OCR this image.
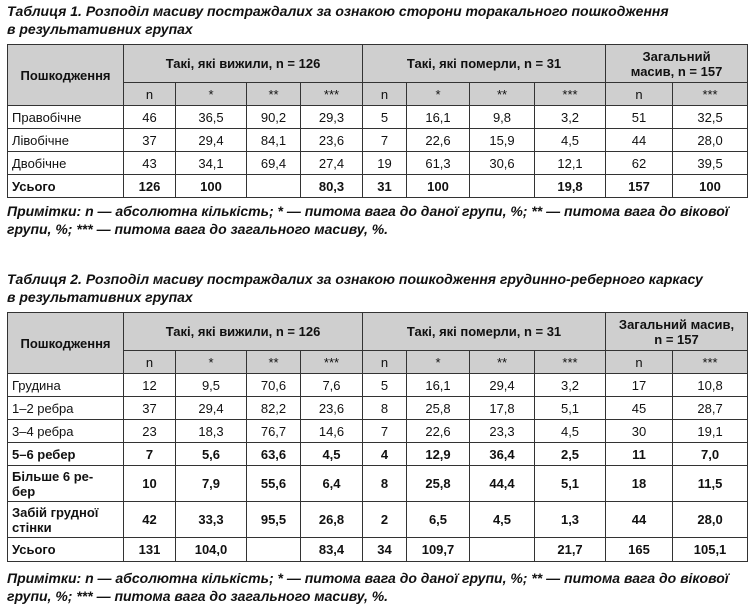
Таблиця 1. Розподіл масиву постраждалих за ознакою сторони торакального пошкодження
в результативних групах
Пошкодження	Такі, які вижили, n = 126				Такі, які померли, n = 31				Загальний масив, n = 157	
	n	*	**	***	n	*	**	***	n	***
Правобічне	46	36,5	90,2	29,3	5	16,1	9,8	3,2	51	32,5
Лівобічне	37	29,4	84,1	23,6	7	22,6	15,9	4,5	44	28,0
Двобічне	43	34,1	69,4	27,4	19	61,3	30,6	12,1	62	39,5
Усього	126	100		80,3	31	100		19,8	157	100
Примітки: n — абсолютна кількість; * — питома вага до даної групи, %; ** — питома вага до вікової
групи, %; *** — питома вага до загального масиву, %.
Таблиця 2. Розподіл масиву постраждалих за ознакою пошкодження грудинно-реберного каркасу
в результативних групах
Пошкодження	Такі, які вижили, n = 126				Такі, які померли, n = 31				Загальний масив,
n = 157	

	n	*	**	***	n	*	**	***	n	***
Грудина	12	9,5	70,6	7,6	5	16,1	29,4	3,2	17	10,8
1–2 ребра	37	29,4	82,2	23,6	8	25,8	17,8	5,1	45	28,7
3–4 ребра	23	18,3	76,7	14,6	7	22,6	23,3	4,5	30	19,1
5–6 ребер	7	5,6	63,6	4,5	4	12,9	36,4	2,5	11	7,0

Більше 6 ре-
бер	10	7,9	55,6	6,4	8	25,8	44,4	5,1	18	11,5

Забій грудної
стінки	42	33,3	95,5	26,8	2	6,5	4,5	1,3	44	28,0
Усього	131	104,0		83,4	34	109,7		21,7	165	105,1
Примітки: n — абсолютна кількість; * — питома вага до даної групи, %; ** — питома вага до вікової
групи, %; *** — питома вага до загального масиву, %.
